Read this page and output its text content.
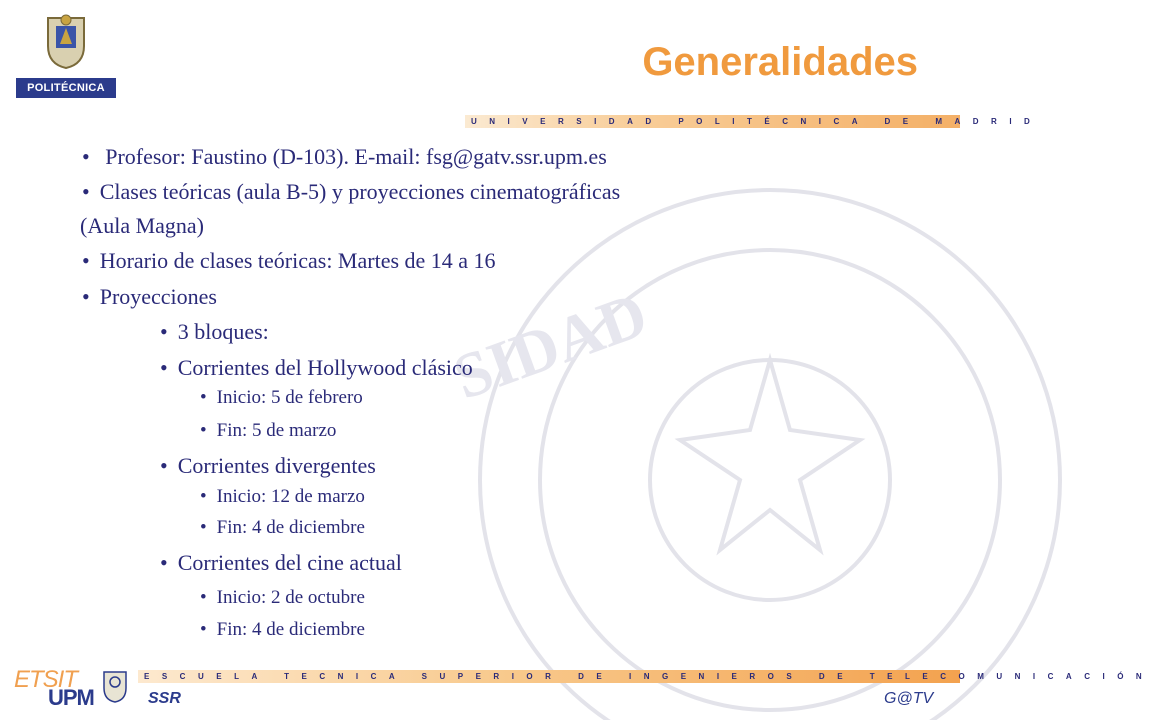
SIDAD
POLITÉCNICA
Generalidades
UNIVERSIDAD POLITÉCNICA DE MADRID
• Profesor: Faustino (D-103). E-mail: fsg@gatv.ssr.upm.es
• Clases teóricas (aula B-5) y proyecciones cinematográficas
(Aula Magna)
• Horario de clases teóricas: Martes de 14 a 16
• Proyecciones
• 3 bloques:
• Corrientes del Hollywood clásico
• Inicio: 5 de febrero
• Fin: 5 de marzo
• Corrientes divergentes
• Inicio: 12 de marzo
• Fin: 4 de diciembre
• Corrientes del cine actual
• Inicio: 2 de octubre
• Fin: 4 de diciembre
ESCUELA TECNICA SUPERIOR DE INGENIEROS DE TELECOMUNICACIÓN
ETSIT
UPM	SSR	G@TV
